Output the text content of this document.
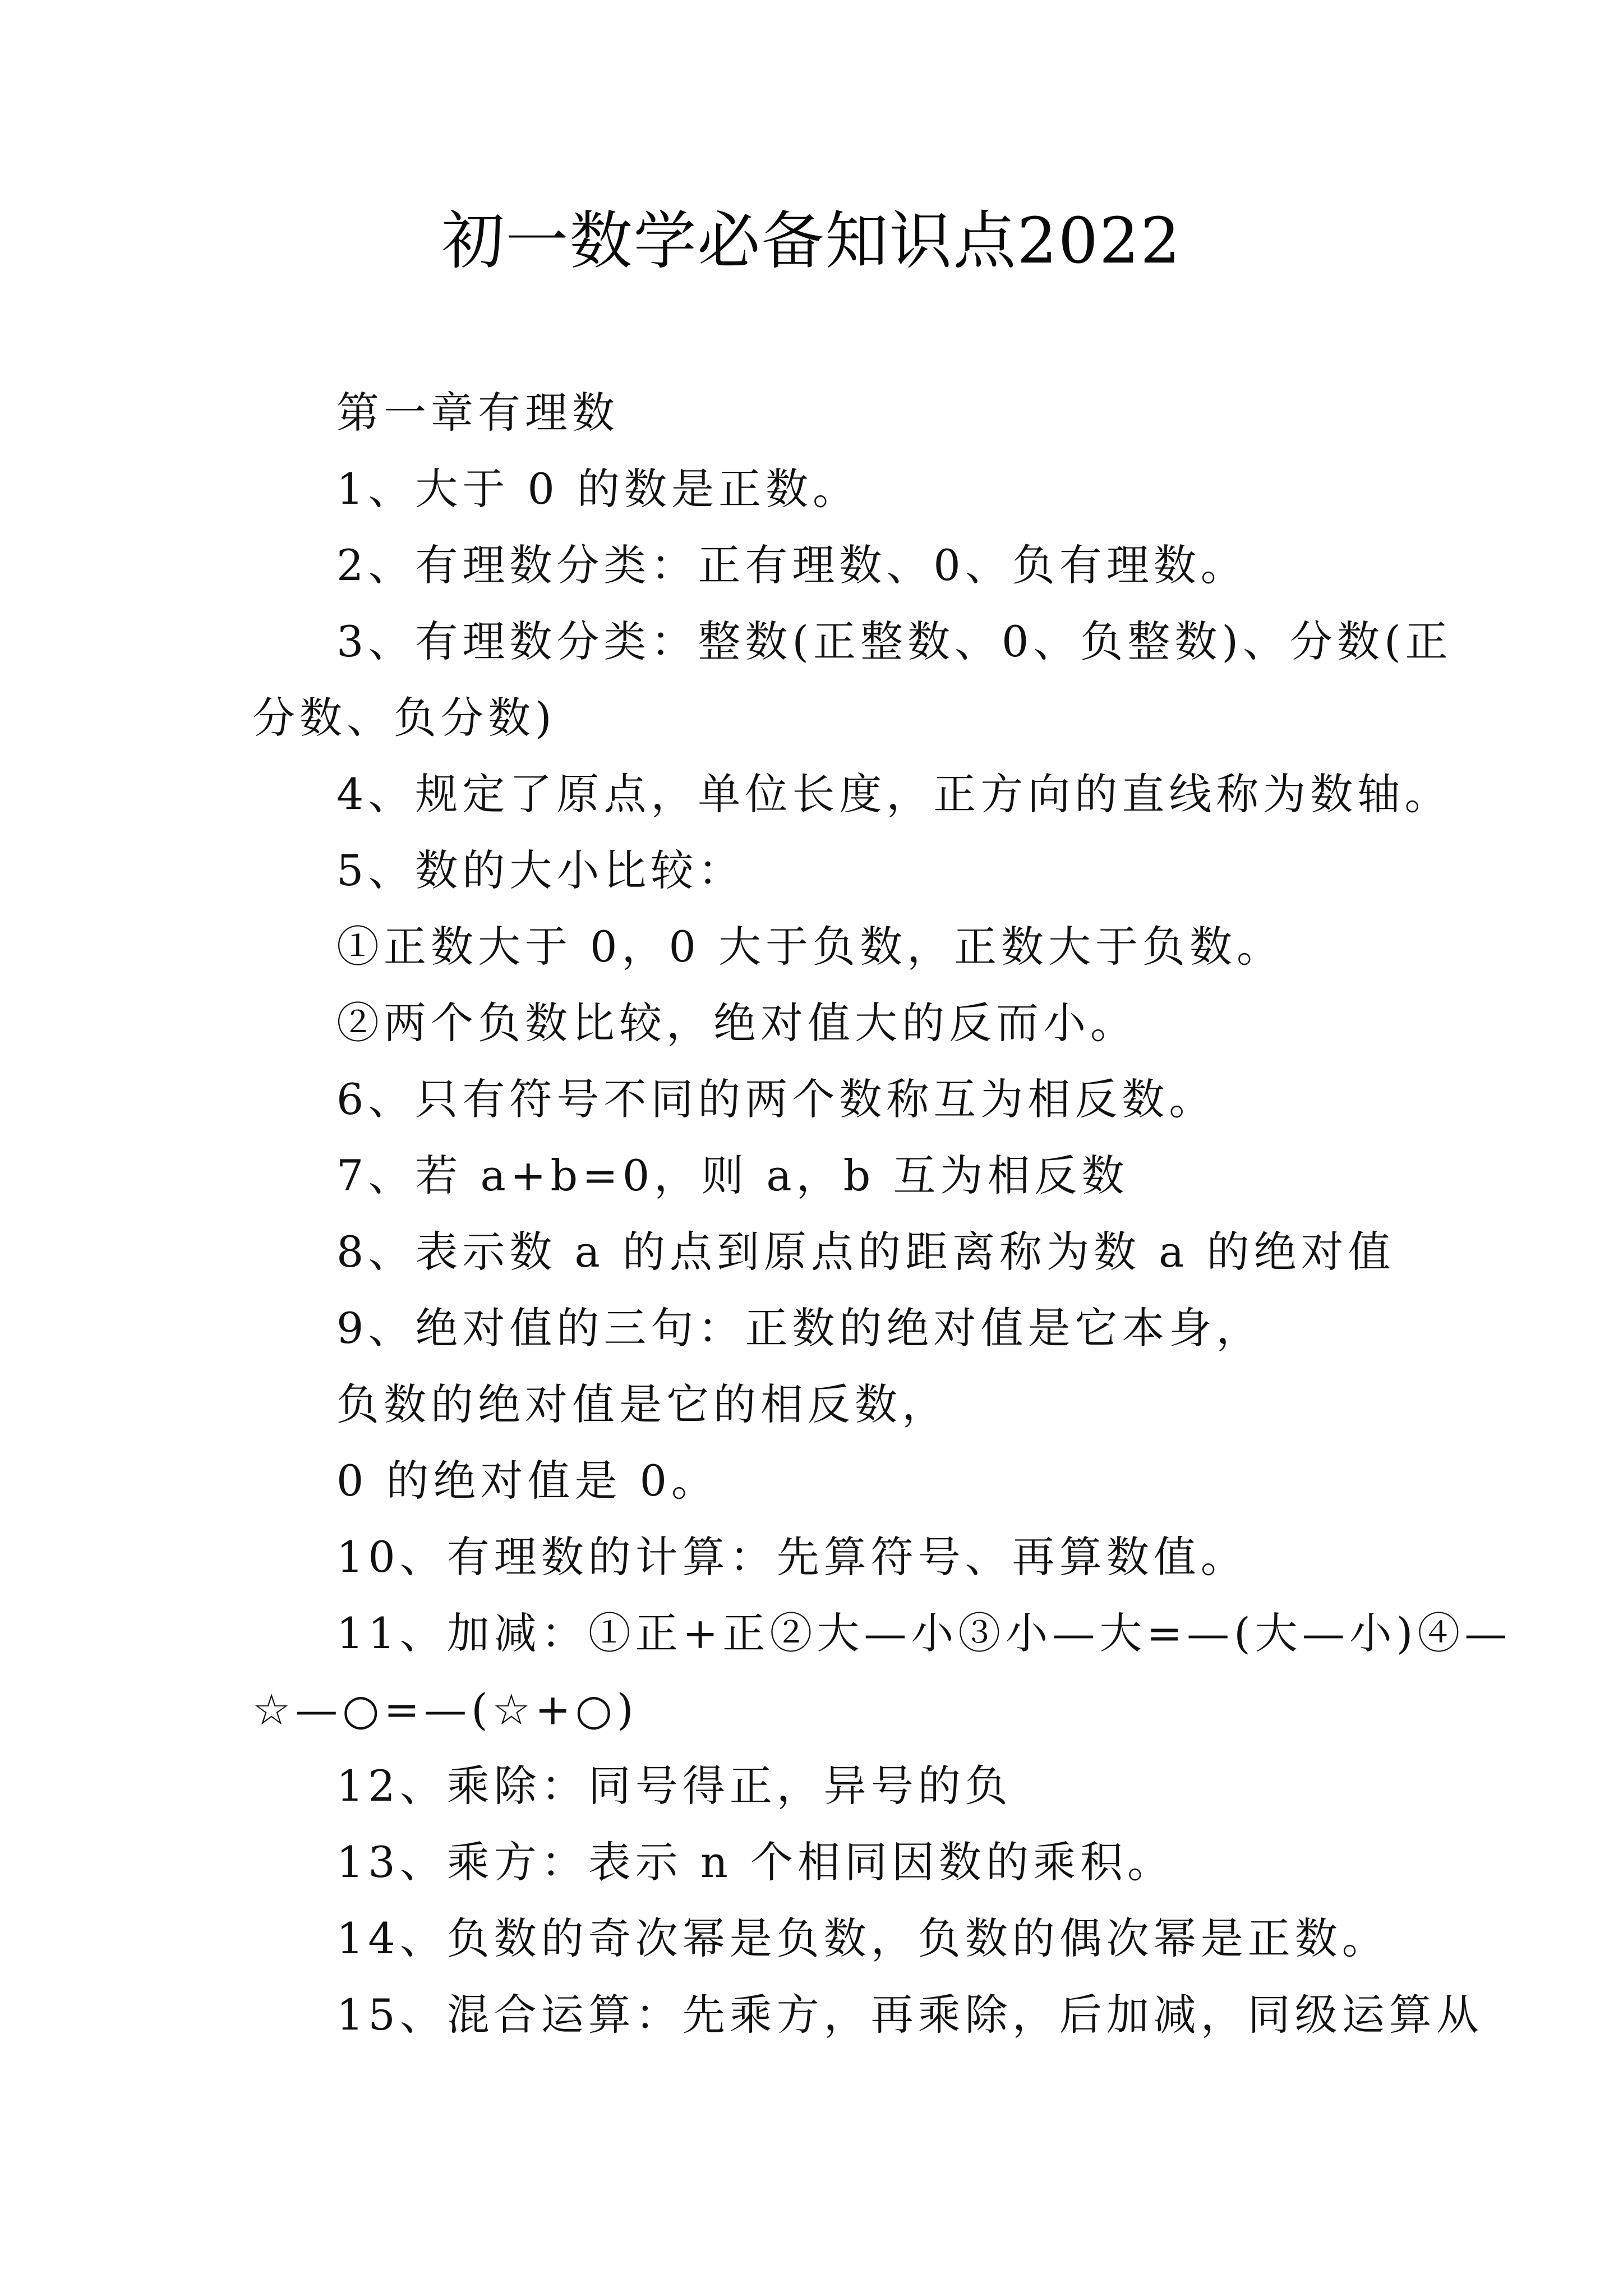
初一数学必备知识点2022
第一章有理数
1、大于 0 的数是正数。
2、有理数分类：正有理数、0、负有理数。
3、有理数分类：整数(正整数、0、负整数)、分数(正
分数、负分数)
4、规定了原点，单位长度，正方向的直线称为数轴。
5、数的大小比较：
①正数大于 0，0 大于负数，正数大于负数。
②两个负数比较，绝对值大的反而小。
6、只有符号不同的两个数称互为相反数。
7、若 a+b=0，则 a，b 互为相反数
8、表示数 a 的点到原点的距离称为数 a 的绝对值
9、绝对值的三句：正数的绝对值是它本身，
负数的绝对值是它的相反数，
0 的绝对值是 0。
10、有理数的计算：先算符号、再算数值。
11、加减：①正+正②大—小③小—大=—(大—小)④—
☆—○=—(☆+○)
12、乘除：同号得正，异号的负
13、乘方：表示 n 个相同因数的乘积。
14、负数的奇次幂是负数，负数的偶次幂是正数。
15、混合运算：先乘方，再乘除，后加减，同级运算从
